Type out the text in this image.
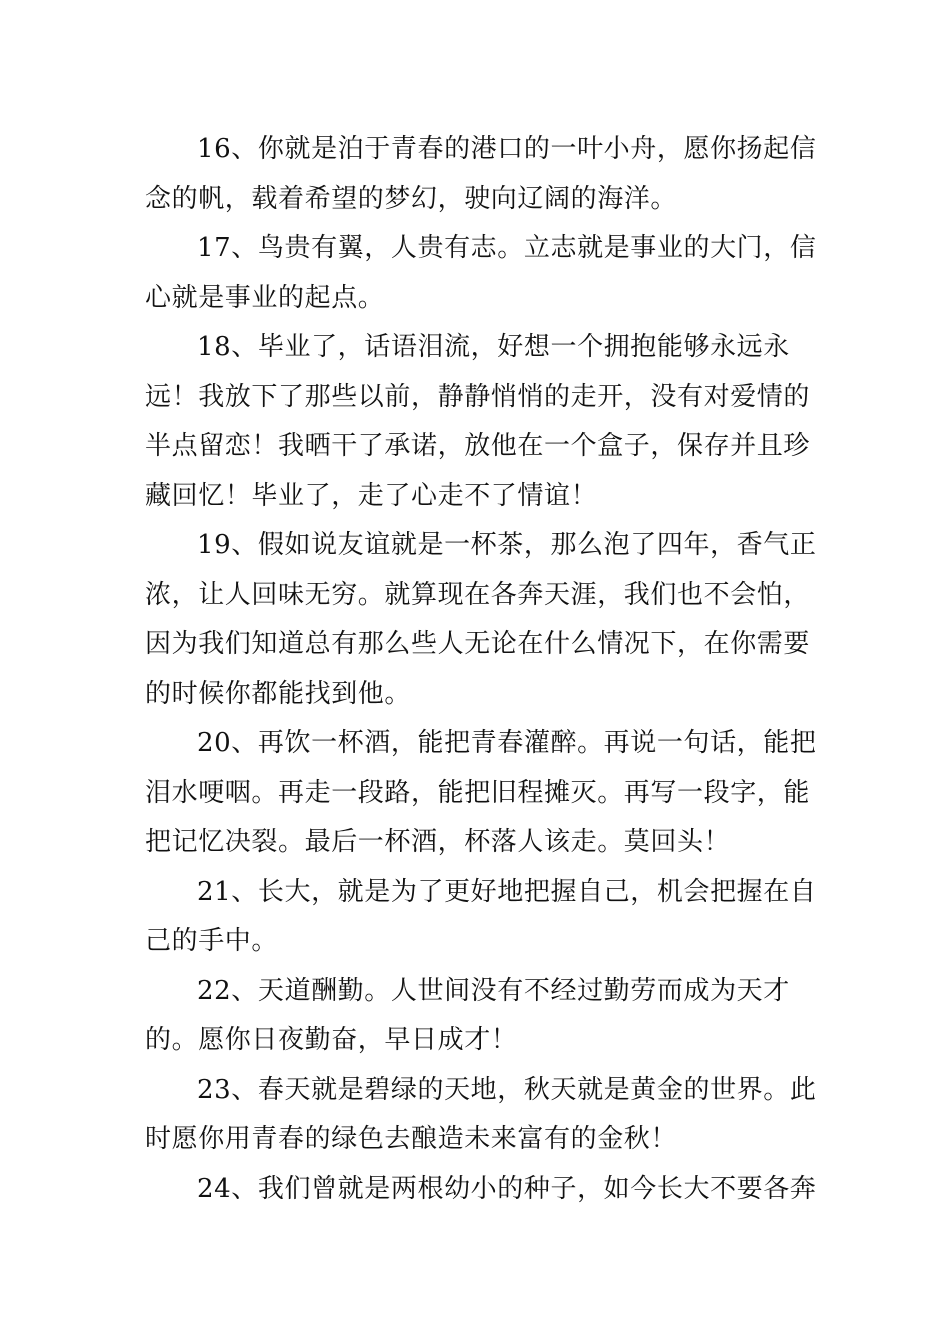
16、你就是泊于青春的港口的一叶小舟，愿你扬起信念的帆，载着希望的梦幻，驶向辽阔的海洋。

17、鸟贵有翼，人贵有志。立志就是事业的大门，信心就是事业的起点。

18、毕业了，话语泪流，好想一个拥抱能够永远永远！我放下了那些以前，静静悄悄的走开，没有对爱情的半点留恋！我晒干了承诺，放他在一个盒子，保存并且珍藏回忆！毕业了，走了心走不了情谊！

19、假如说友谊就是一杯茶，那么泡了四年，香气正浓，让人回味无穷。就算现在各奔天涯，我们也不会怕，因为我们知道总有那么些人无论在什么情况下，在你需要的时候你都能找到他。

20、再饮一杯酒，能把青春灌醉。再说一句话，能把泪水哽咽。再走一段路，能把旧程摊灭。再写一段字，能把记忆决裂。最后一杯酒，杯落人该走。莫回头！

21、长大，就是为了更好地把握自己，机会把握在自己的手中。

22、天道酬勤。人世间没有不经过勤劳而成为天才的。愿你日夜勤奋，早日成才！

23、春天就是碧绿的天地，秋天就是黄金的世界。此时愿你用青春的绿色去酿造未来富有的金秋！

24、我们曾就是两根幼小的种子，如今长大不要各奔
